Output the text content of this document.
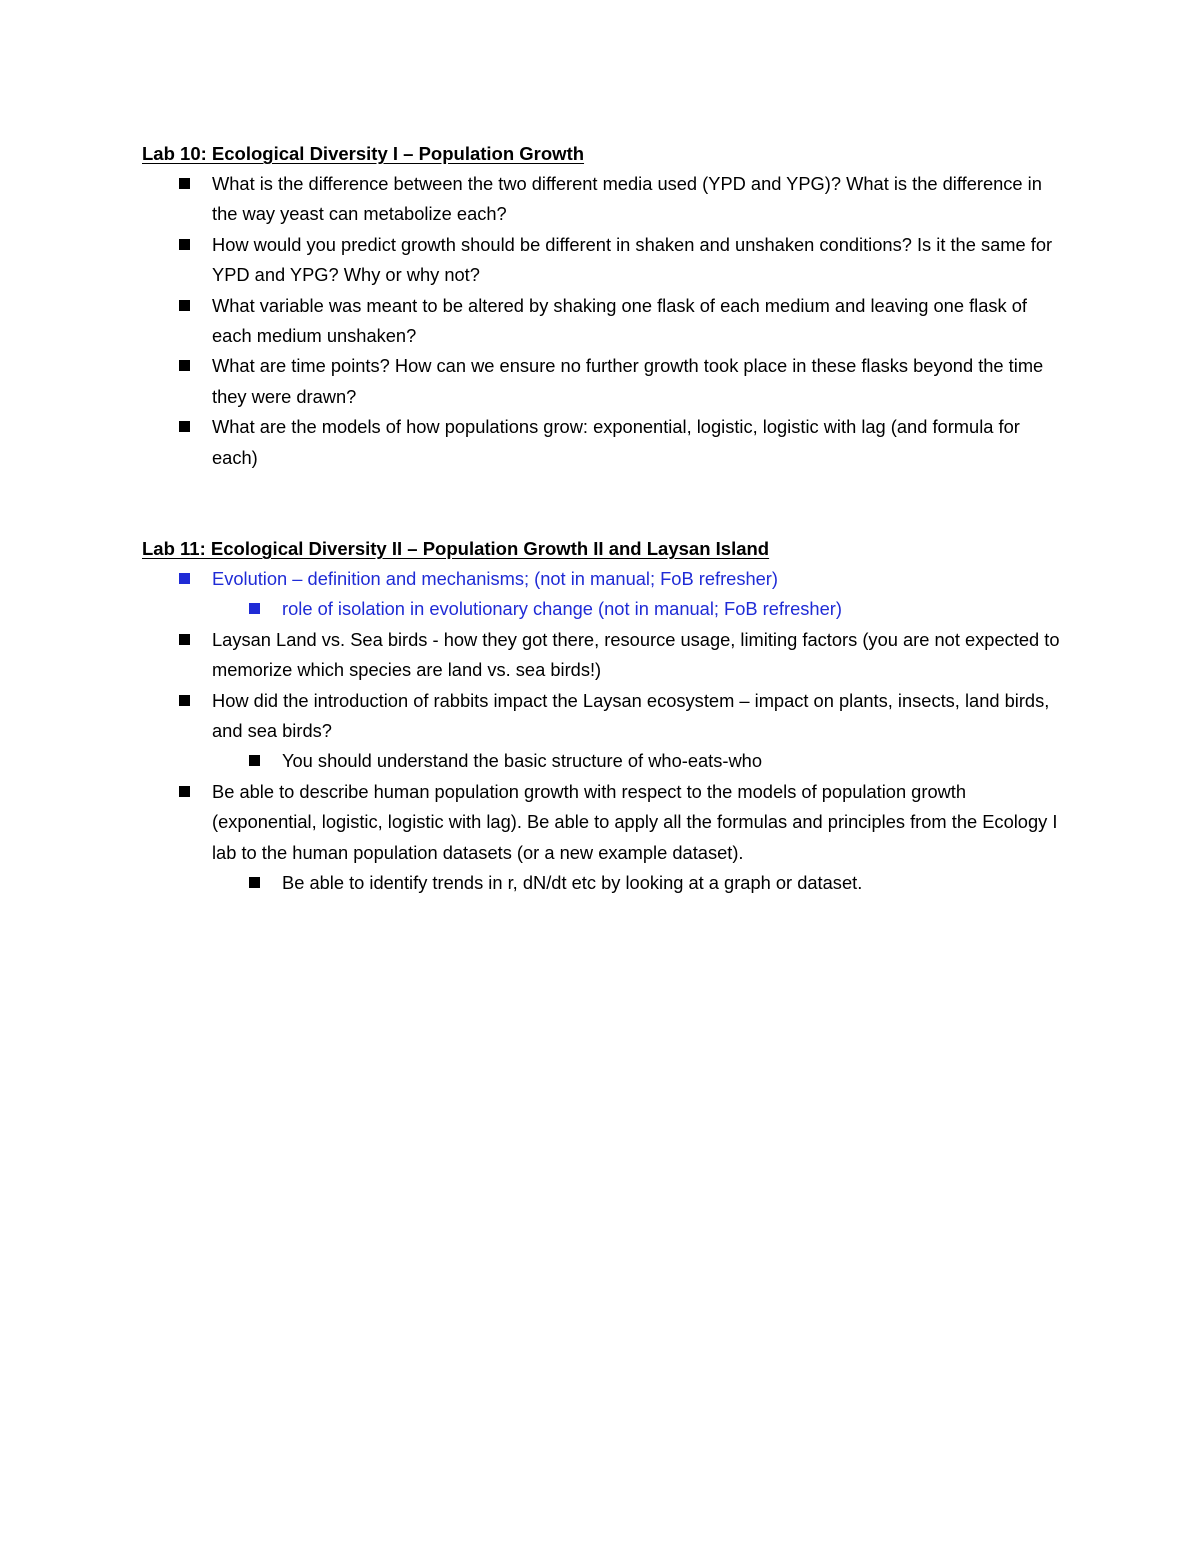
Lab 10: Ecological Diversity I – Population Growth
What is the difference between the two different media used (YPD and YPG)? What is the difference in the way yeast can metabolize each?
How would you predict growth should be different in shaken and unshaken conditions? Is it the same for YPD and YPG? Why or why not?
What variable was meant to be altered by shaking one flask of each medium and leaving one flask of each medium unshaken?
What are time points? How can we ensure no further growth took place in these flasks beyond the time they were drawn?
What are the models of how populations grow: exponential, logistic, logistic with lag (and formula for each)
Lab 11: Ecological Diversity II – Population Growth II and Laysan Island
Evolution – definition and mechanisms; (not in manual; FoB refresher)
role of isolation in evolutionary change (not in manual; FoB refresher)
Laysan Land vs. Sea birds - how they got there, resource usage, limiting factors (you are not expected to memorize which species are land vs. sea birds!)
How did the introduction of rabbits impact the Laysan ecosystem – impact on plants, insects, land birds, and sea birds?
You should understand the basic structure of who-eats-who
Be able to describe human population growth with respect to the models of population growth (exponential, logistic, logistic with lag). Be able to apply all the formulas and principles from the Ecology I lab to the human population datasets (or a new example dataset).
Be able to identify trends in r, dN/dt etc by looking at a graph or dataset.
